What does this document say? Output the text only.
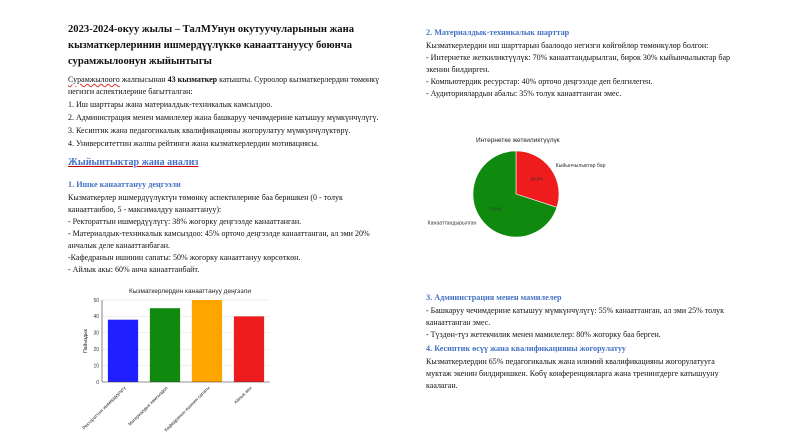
2023-2024-окуу жылы – ТалМУнун окутуучуларынын жана
кызматкерлеринин ишмердүүлүккө канааттануусу боюнча
сурамжылоонун жыйынтыгы
Сурамжылоого жалпысынан 43 кызматкер катышты. Суроолор кызматкерлердин төмөнкү
негизги аспектилерине багытталган:
1. Иш шарттары жана материалдык-техникалык камсыздоо.
2. Администрация менен мамилелер жана башкаруу чечимдерине катышуу мүмкүнчүлүгү.
3. Кесиптик жана педагогикалык квалификацияны жогорулатуу мүмкүнчүлүктөрү.
4. Университеттин жалпы рейтинги жана кызматкерлердин мотивациясы.
Жыйынтыктар жана анализ
1. Ишке канааттануу деңгээли
Кызматкерлер ишмердүүлүктүн төмөнкү аспектилерине баа беришкен (0 - толук
канааттанбоо, 5 - максималдуу канааттануу):
- Ректораттын ишмердүүлүгү: 38% жогорку деңгээлде канааттанган.
- Материалдык-техникалык камсыздоо: 45% орточо деңгээлде канааттанган, ал эми 20%
анчалык деле канааттанбаган.
-Кафедранын ишинин сапаты: 50% жогорку канааттануу көрсөткөн.
- Айлык акы: 60% анча канааттанбайт.
Кызматкерлердин канааттануу деңгээли
Пайыздык
0
10
20
30
40
50
Ректораттын ишмердүүлүгү Материалдык камсыздоо
Кафедранын ишинин сапаты	Айлык акы
2. Материалдык-техникалык шарттар
Кызматкерлердин иш шарттарын баалоодо негизги көйгөйлөр төмөнкүлөр болгон:
- Интернетке жеткиликтүүлүк: 70% канааттандырылган, бирок 30% кыйынчылыктар бар
экенин билдирген.
- Компьютердик ресурстар: 40% орточо деңгээлде деп белгилеген.
- Аудиториялардын абалы: 35% толук канааттанган эмес.
3. Администрация менен мамилелер
- Башкаруу чечимдерине катышуу мүмкүнчүлүгү: 55% канааттанган, ал эми 25% толук
канааттанган эмес.
- Түздөн-түз жетекчилик менен мамилелер: 80% жогорку баа берген.
4. Кесиптик өсүү жана квалификацияны жогорулатуу
Кызматкерлердин 65% педагогикалык жана илимий квалификацияны жогорулатууга
муктаж экенин билдиришкен. Көбү конференцияларга жана тренингдерге катышууну
каалаган.
Интернетке жеткиликтүүлүк
30.0%
Кыйынчылыктар бар
70.0%
Канааттандырылган
